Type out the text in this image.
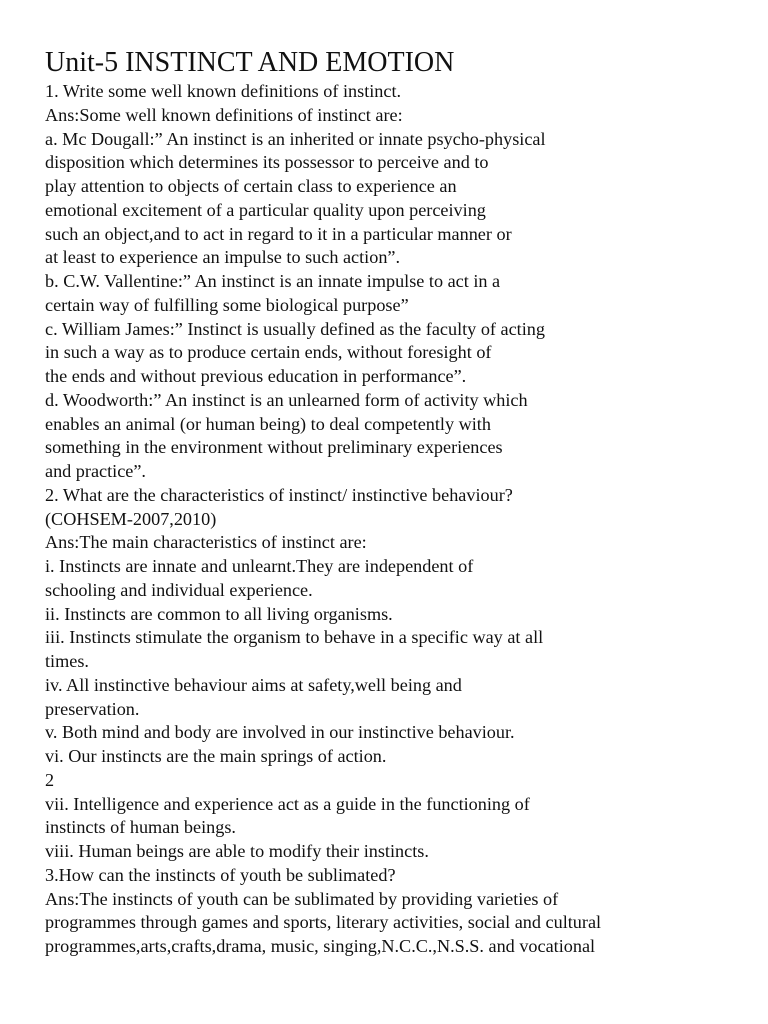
Unit-5 INSTINCT AND EMOTION
1. Write some well known definitions of instinct.
Ans:Some well known definitions of instinct are:
a. Mc Dougall:” An instinct is an inherited or innate psycho-physical
disposition which determines its possessor to perceive and to
play attention to objects of certain class to experience an
emotional excitement of a particular quality upon perceiving
such an object,and to act in regard to it in a particular manner or
at least to experience an impulse to such action”.
b. C.W. Vallentine:” An instinct is an innate impulse to act in a
certain way of fulfilling some biological purpose”
c. William James:” Instinct is usually defined as the faculty of acting
in such a way as to produce certain ends, without foresight of
the ends and without previous education in performance”.
d. Woodworth:” An instinct is an unlearned form of activity which
enables an animal (or human being) to deal competently with
something in the environment without preliminary experiences
and practice”.
2. What are the characteristics of instinct/ instinctive behaviour?
(COHSEM-2007,2010)
Ans:The main characteristics of instinct are:
i. Instincts are innate and unlearnt.They are independent of
schooling and individual experience.
ii. Instincts are common to all living organisms.
iii. Instincts stimulate the organism to behave in a specific way at all
times.
iv. All instinctive behaviour aims at safety,well being and
preservation.
v. Both mind and body are involved in our instinctive behaviour.
vi. Our instincts are the main springs of action.
2
vii. Intelligence and experience act as a guide in the functioning of
instincts of human beings.
viii. Human beings are able to modify their instincts.
3.How can the instincts of youth be sublimated?
Ans:The instincts of youth can be sublimated by providing varieties of
programmes through games and sports, literary activities, social and cultural
programmes,arts,crafts,drama, music, singing,N.C.C.,N.S.S. and vocational
